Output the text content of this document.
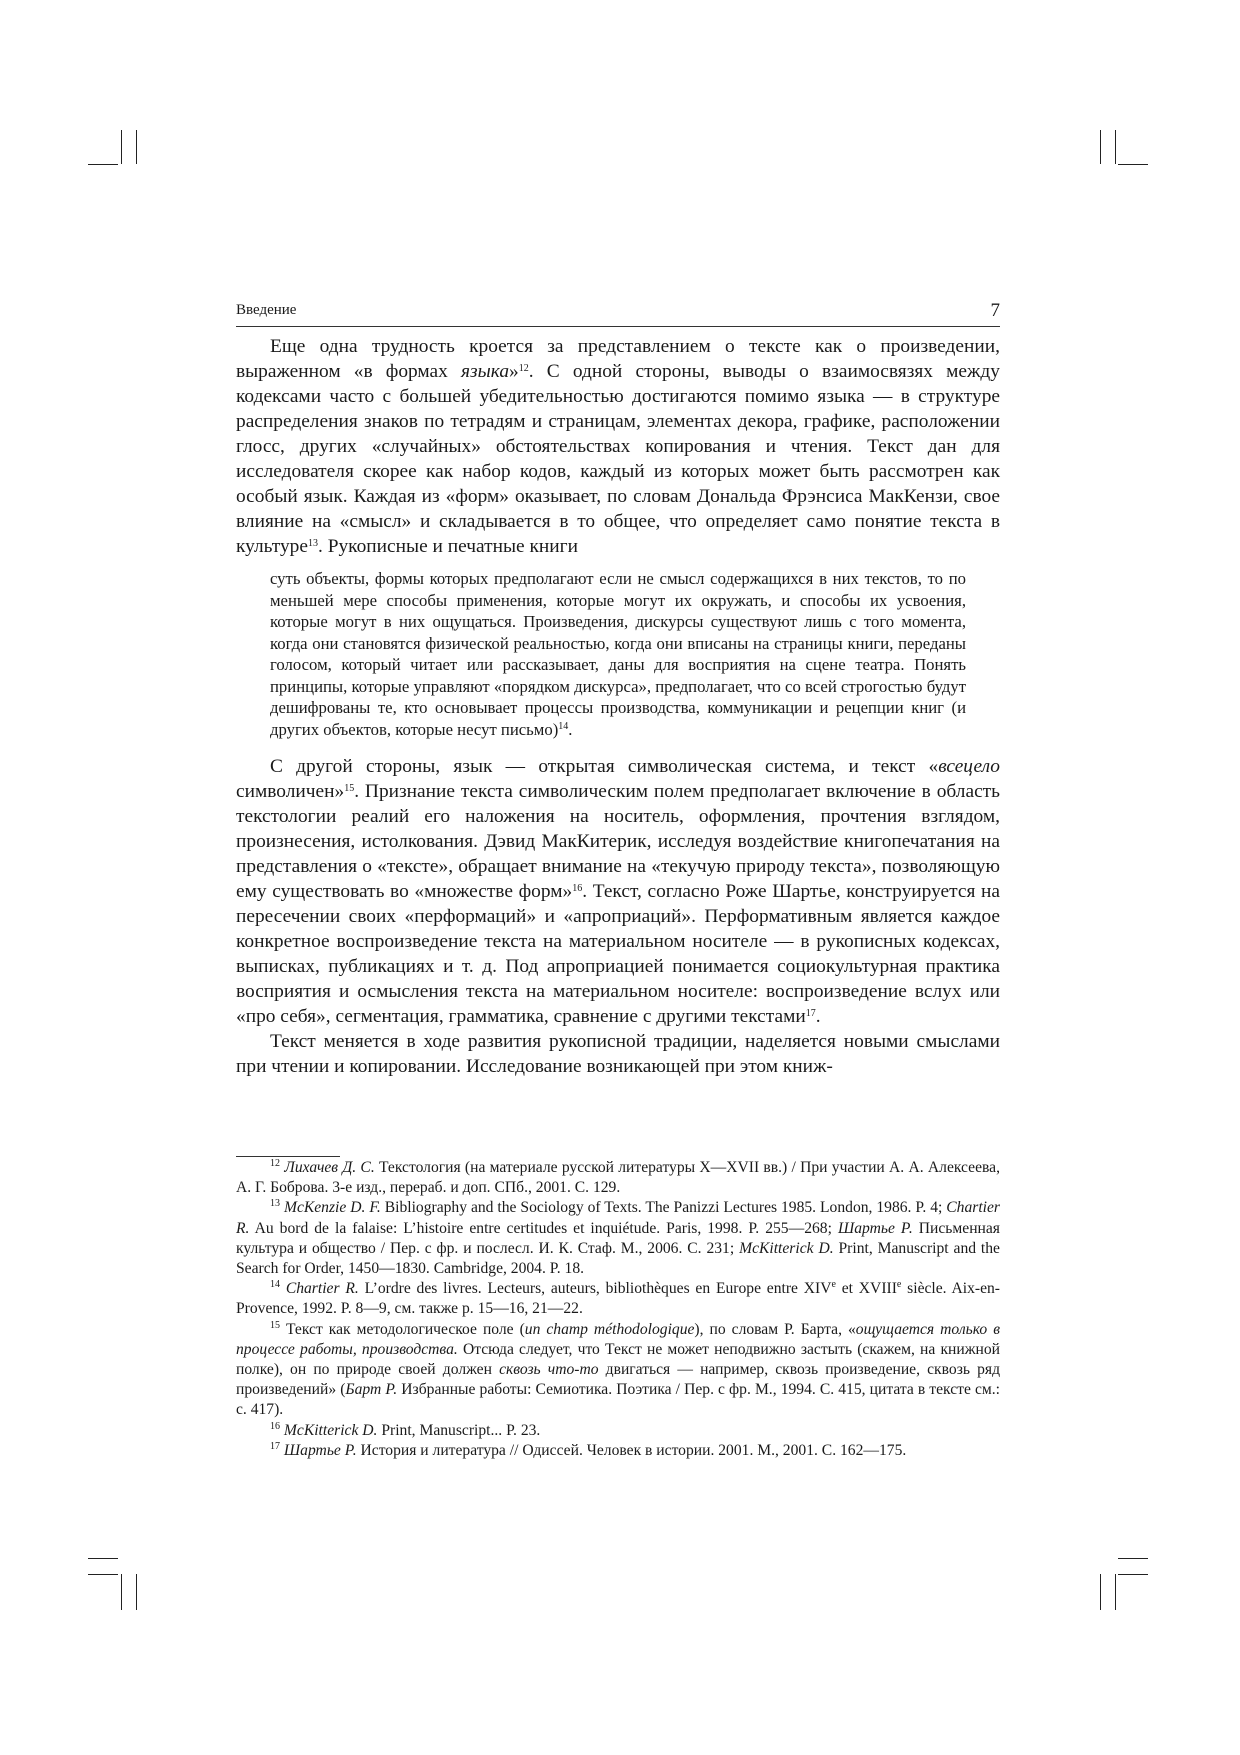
Введение	7

Еще одна трудность кроется за представлением о тексте как о произведении, выраженном «в формах языка»$^{12}$. С одной стороны, выводы о взаимосвязях между кодексами часто с большей убедительностью достигаются помимо языка — в структуре распределения знаков по тетрадям и страницам, элементах декора, графике, расположении глосс, других «случайных» обстоятельствах копирования и чтения. Текст дан для исследователя скорее как набор кодов, каждый из которых может быть рассмотрен как особый язык. Каждая из «форм» оказывает, по словам Дональда Фрэнсиса МакКензи, свое влияние на «смысл» и складывается в то общее, что определяет само понятие текста в культуре$^{13}$. Рукописные и печатные книги

суть объекты, формы которых предполагают если не смысл содержащихся в них текстов, то по меньшей мере способы применения, которые могут их окружать, и способы их усвоения, которые могут в них ощущаться. Произведения, дискурсы существуют лишь с того момента, когда они становятся физической реальностью, когда они вписаны на страницы книги, переданы голосом, который читает или рассказывает, даны для восприятия на сцене театра. Понять принципы, которые управляют «порядком дискурса», предполагает, что со всей строгостью будут дешифрованы те, кто основывает процессы производства, коммуникации и рецепции книг (и других объектов, которые несут письмо)$^{14}$.

С другой стороны, язык — открытая символическая система, и текст «всецело символичен»$^{15}$. Признание текста символическим полем предполагает включение в область текстологии реалий его наложения на носитель, оформления, прочтения взглядом, произнесения, истолкования. Дэвид МакКитерик, исследуя воздействие книгопечатания на представления о «тексте», обращает внимание на «текучую природу текста», позволяющую ему существовать во «множестве форм»$^{16}$. Текст, согласно Роже Шартье, конструируется на пересечении своих «перформаций» и «апроприаций». Перформативным является каждое конкретное воспроизведение текста на материальном носителе — в рукописных кодексах, выписках, публикациях и т. д. Под апроприацией понимается социокультурная практика восприятия и осмысления текста на материальном носителе: воспроизведение вслух или «про себя», сегментация, грамматика, сравнение с другими текстами$^{17}$.

Текст меняется в ходе развития рукописной традиции, наделяется новыми смыслами при чтении и копировании. Исследование возникающей при этом книж-

$^{12}$ Лихачев Д. С. Текстология (на материале русской литературы X—XVII вв.) / При участии А. А. Алексеева, А. Г. Боброва. 3-е изд., перераб. и доп. СПб., 2001. С. 129.

$^{13}$ McKenzie D. F. Bibliography and the Sociology of Texts. The Panizzi Lectures 1985. London, 1986. P. 4; Chartier R. Au bord de la falaise: L’histoire entre certitudes et inquiétude. Paris, 1998. P. 255—268; Шартье Р. Письменная культура и общество / Пер. с фр. и послесл. И. К. Стаф. М., 2006. С. 231; McKitterick D. Print, Manuscript and the Search for Order, 1450—1830. Cambridge, 2004. P. 18.

$^{14}$ Chartier R. L’ordre des livres. Lecteurs, auteurs, bibliothèques en Europe entre XIVe et XVIIIe siècle. Aix-en-Provence, 1992. P. 8—9, см. также р. 15—16, 21—22.

$^{15}$ Текст как методологическое поле (un champ méthodologique), по словам Р. Барта, «ощущается только в процессе работы, производства. Отсюда следует, что Текст не может неподвижно застыть (скажем, на книжной полке), он по природе своей должен сквозь что-то двигаться — например, сквозь произведение, сквозь ряд произведений» (Барт Р. Избранные работы: Семиотика. Поэтика / Пер. с фр. М., 1994. С. 415, цитата в тексте см.: с. 417).

$^{16}$ McKitterick D. Print, Manuscript... P. 23.

$^{17}$ Шартье Р. История и литература // Одиссей. Человек в истории. 2001. М., 2001. С. 162—175.
